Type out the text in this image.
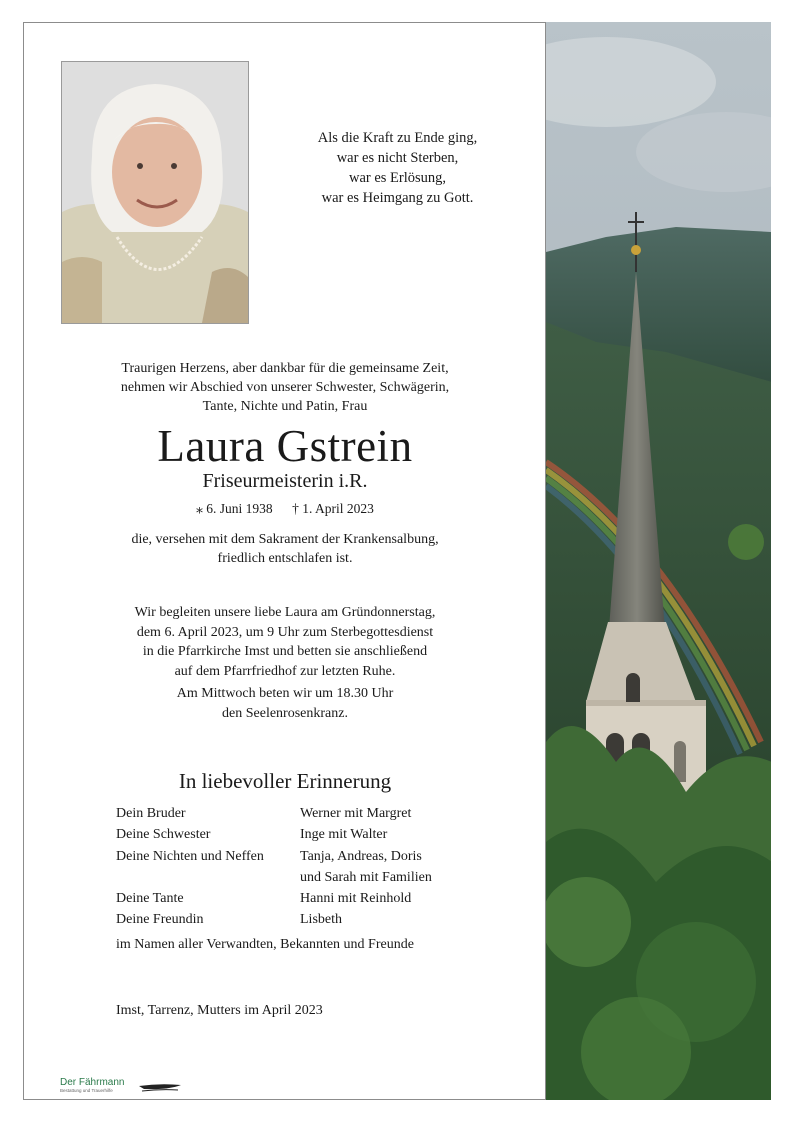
Als die Kraft zu Ende ging,
war es nicht Sterben,
war es Erlösung,
war es Heimgang zu Gott.
Traurigen Herzens, aber dankbar für die gemeinsame Zeit,
nehmen wir Abschied von unserer Schwester, Schwägerin,
Tante, Nichte und Patin, Frau
Laura Gstrein
Friseurmeisterin i.R.
⁎ 6. Juni 1938 † 1. April 2023
die, versehen mit dem Sakrament der Krankensalbung,
friedlich entschlafen ist.
Wir begleiten unsere liebe Laura am Gründonnerstag,
dem 6. April 2023, um 9 Uhr zum Sterbegottesdienst
in die Pfarrkirche Imst und betten sie anschließend
auf dem Pfarrfriedhof zur letzten Ruhe.
Am Mittwoch beten wir um 18.30 Uhr
den Seelenrosenkranz.
In liebevoller Erinnerung
Dein Bruder	Werner mit Margret
Deine Schwester	Inge mit Walter
Deine Nichten und Neffen	Tanja, Andreas, Doris
und Sarah mit Familien
Deine Tante	Hanni mit Reinhold
Deine Freundin	Lisbeth
im Namen aller Verwandten, Bekannten und Freunde
Imst, Tarrenz, Mutters im April 2023
Der Fährmann
Bestattung und Trauerhilfe
